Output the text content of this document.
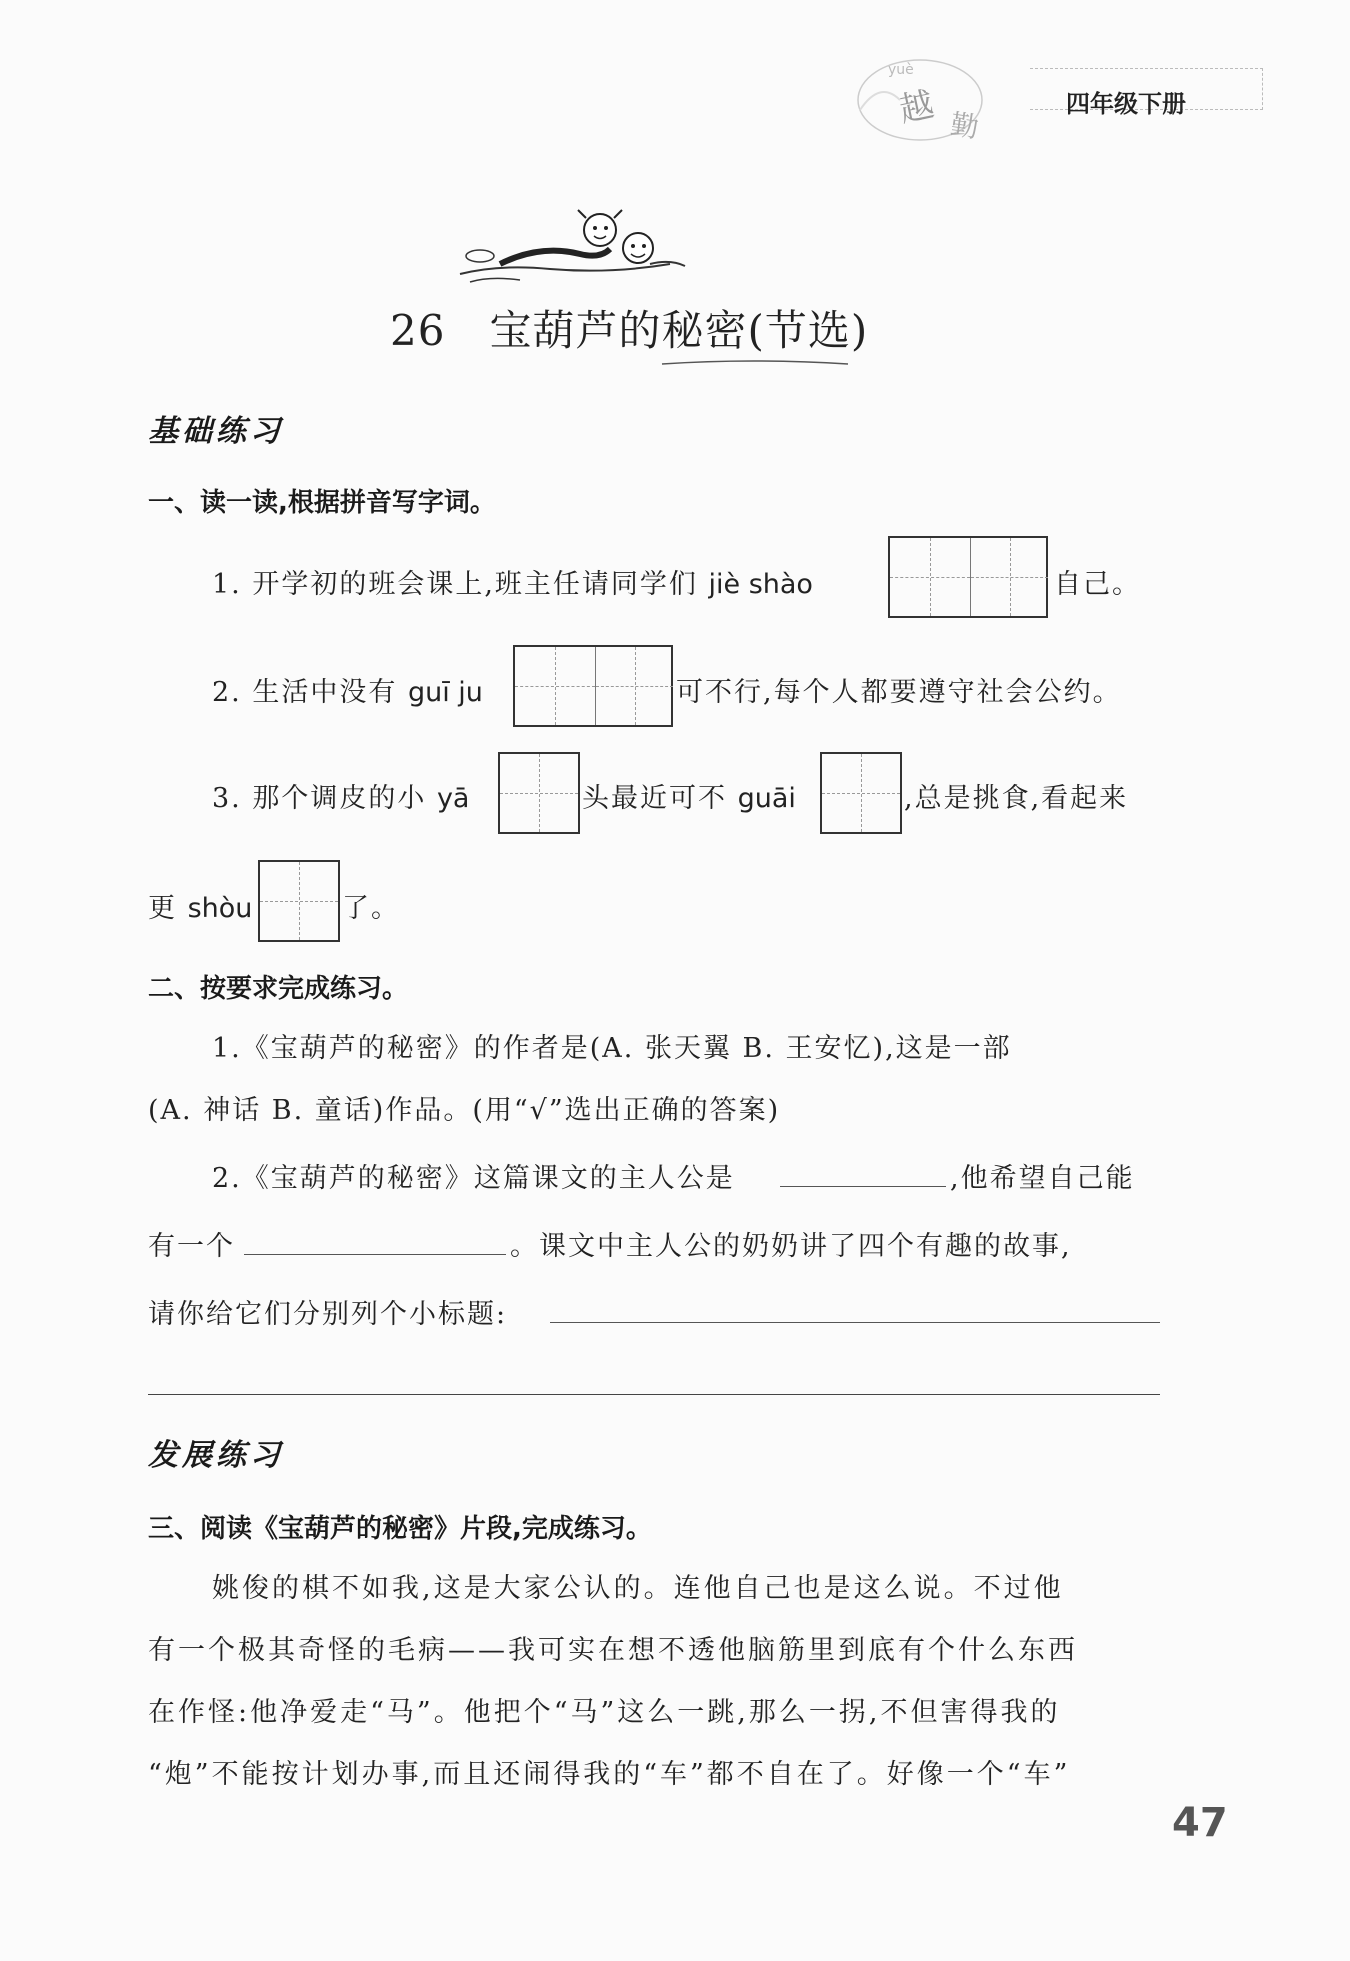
yuè
越 勤
四年级下册
26 宝葫芦的秘密(节选)
基础练习
一、读一读,根据拼音写字词。
1. 开学初的班会课上,班主任请同学们 jiè shào	自己。
2. 生活中没有 guī ju	可不行,每个人都要遵守社会公约。
3. 那个调皮的小 yā	头最近可不 guāi	,总是挑食,看起来
更 shòu	了。
二、按要求完成练习。
1.《宝葫芦的秘密》的作者是(A. 张天翼 B. 王安忆),这是一部
(A. 神话 B. 童话)作品。(用“√”选出正确的答案)
2.《宝葫芦的秘密》这篇课文的主人公是	,他希望自己能
有一个	。课文中主人公的奶奶讲了四个有趣的故事,
请你给它们分别列个小标题:
发展练习
三、阅读《宝葫芦的秘密》片段,完成练习。
姚俊的棋不如我,这是大家公认的。连他自己也是这么说。不过他
有一个极其奇怪的毛病——我可实在想不透他脑筋里到底有个什么东西
在作怪:他净爱走“马”。他把个“马”这么一跳,那么一拐,不但害得我的
“炮”不能按计划办事,而且还闹得我的“车”都不自在了。好像一个“车”
47
